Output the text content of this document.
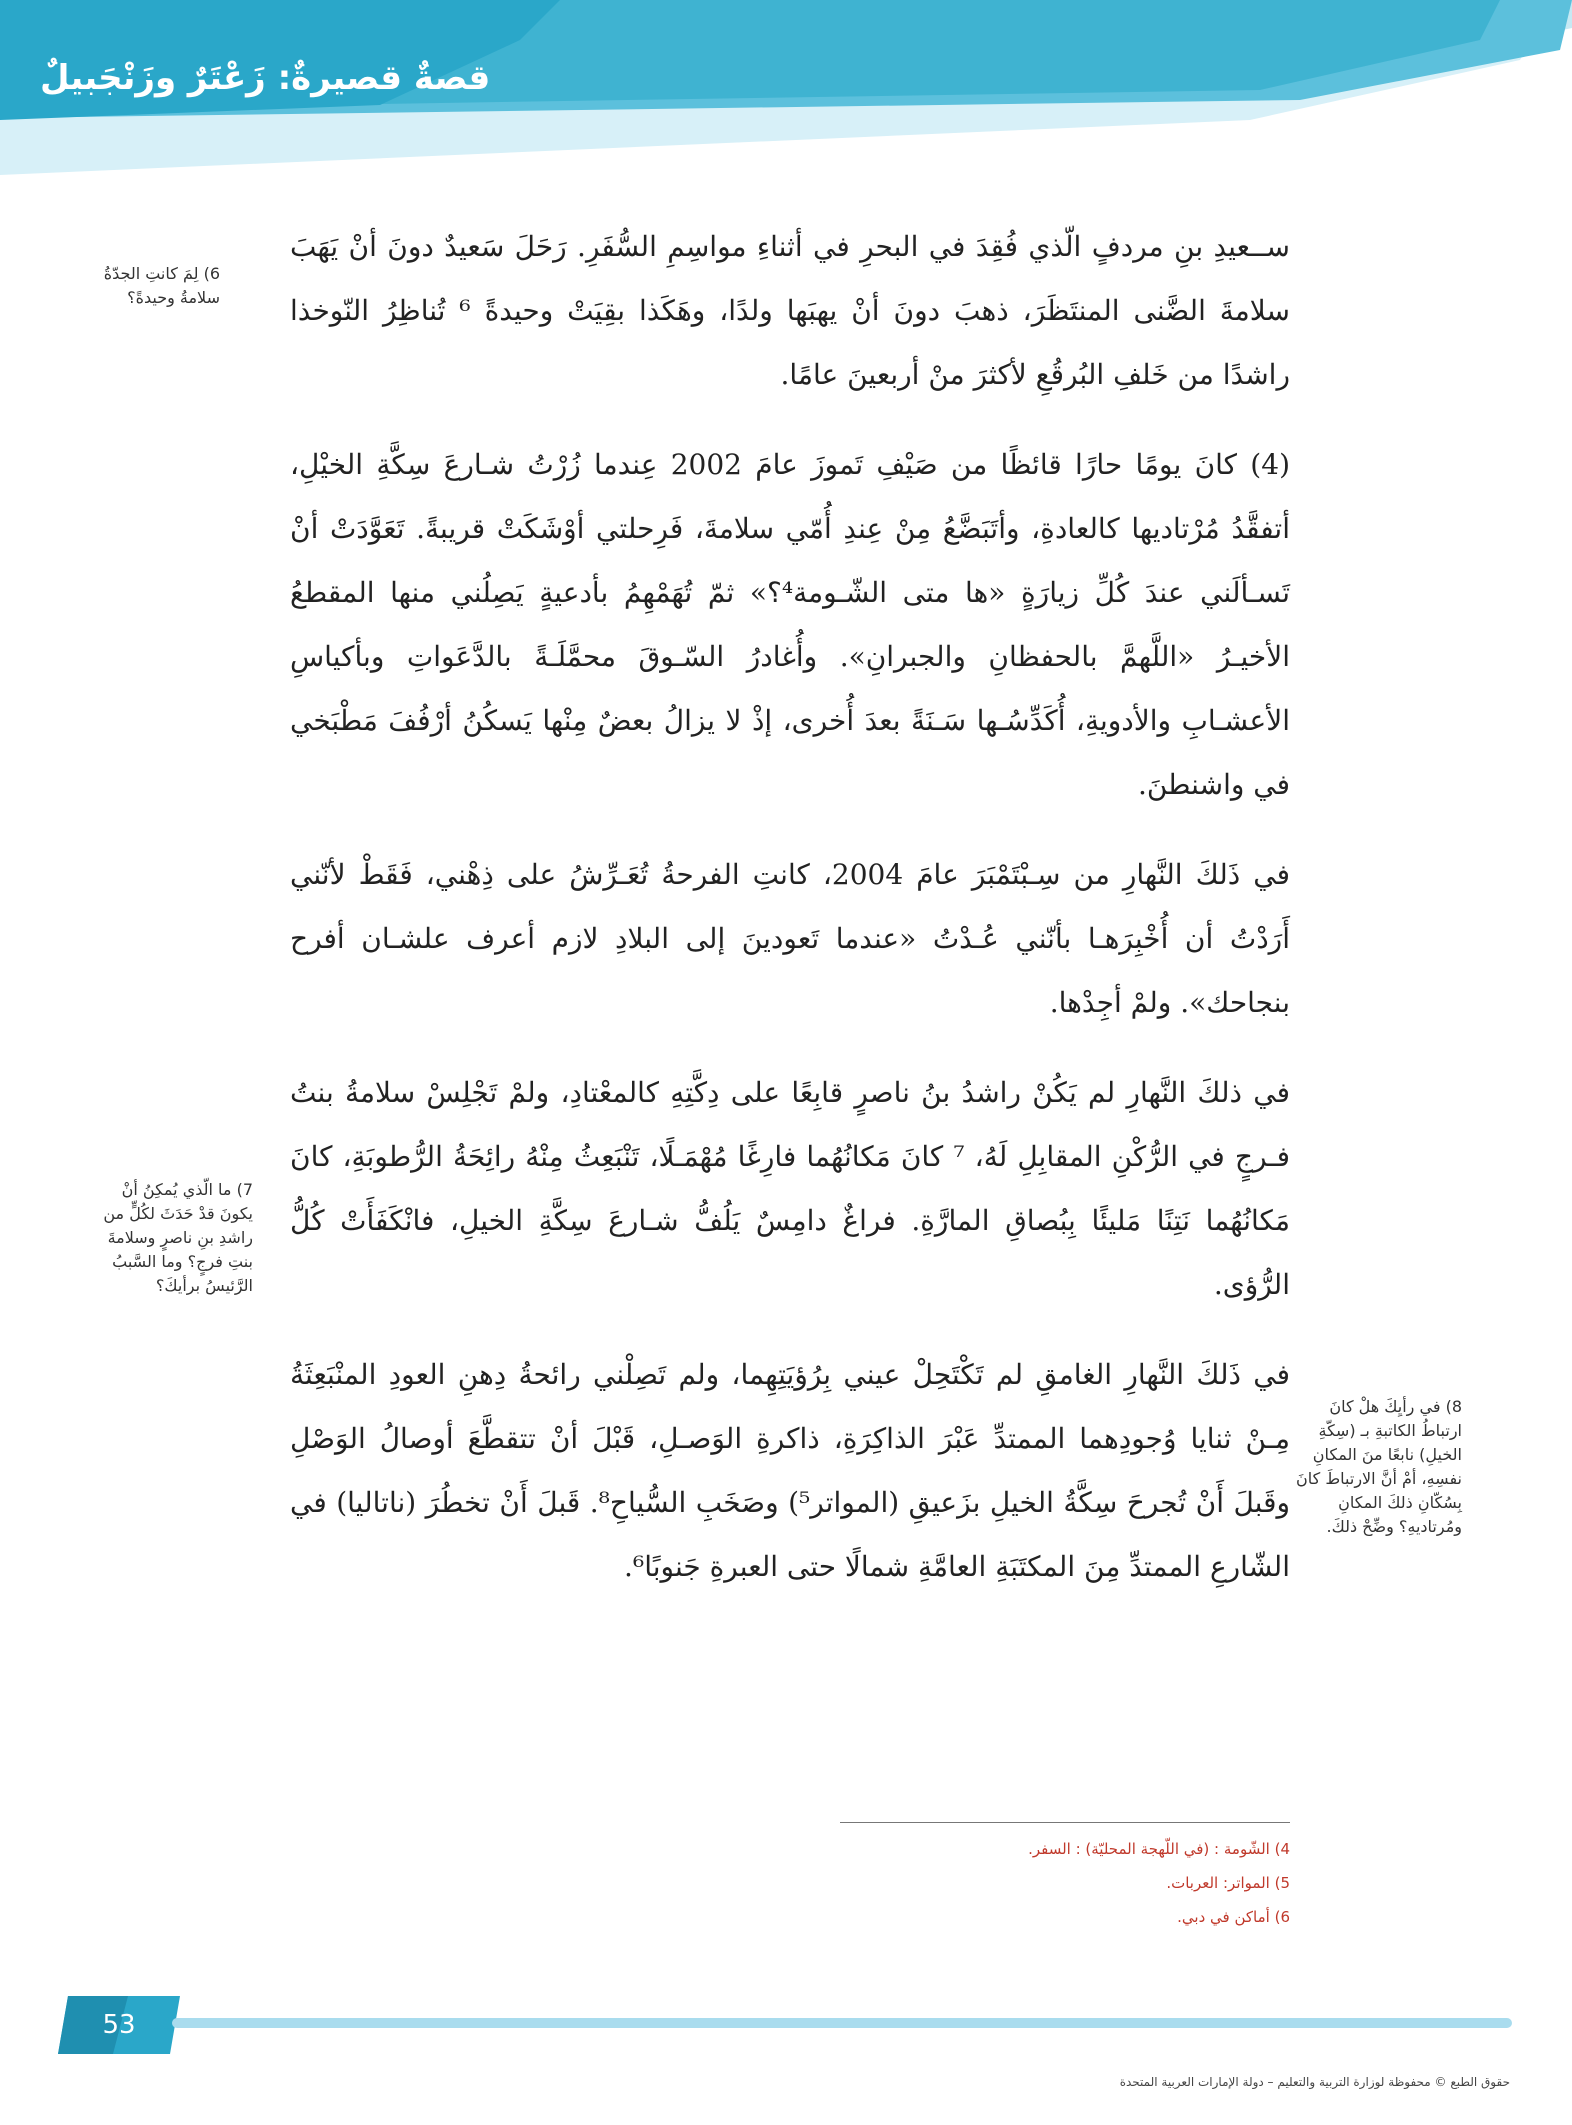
قصةٌ قصيرةٌ: زَعْتَرٌ وزَنْجَبيلٌ

ســعيدِ بنِ مردفٍ الّذي فُقِدَ في البحرِ في أثناءِ مواسِمِ السُّفَرِ. رَحَلَ سَعيدٌ دونَ أنْ يَهَبَ سلامةَ الضَّنى المنتَظَرَ، ذهبَ دونَ أنْ يهبَها ولدًا، وهَكَذا بقِيَتْ وحيدةً ⁶ تُناظِرُ النّوخذا راشدًا من خَلفِ البُرقُعِ لأكثرَ منْ أربعينَ عامًا.

(4) كانَ يومًا حارًا قائظًا من صَيْفِ تَموزَ عامَ 2002 عِندما زُرْتُ شـارعَ سِكَّةِ الخيْلِ، أتفقَّدُ مُرْتاديها كالعادةِ، وأتَبَضَّعُ مِنْ عِندِ أُمّي سلامةَ، فَرِحلتي أوْشَكَتْ قريبةً. تَعَوَّدَتْ أنْ تَسـألَني عندَ كُلِّ زيارَةٍ «ها متى الشّـومة⁴؟» ثمّ تُهَمْهِمُ بأدعيةٍ يَصِلُني منها المقطعُ الأخيـرُ «اللَّهمَّ بالحفظانِ والجبرانِ». وأُغادرُ السّـوقَ محمَّلَـةً بالدَّعَواتِ وبأكياسِ الأعشـابِ والأدويةِ، أُكَدِّسُـها سَـنَةً بعدَ أُخرى، إذْ لا يزالُ بعضٌ مِنْها يَسكُنُ أرْفُفَ مَطْبَخي في واشنطنَ.

في ذَلكَ النَّهارِ من سِـبْتَمْبَرَ عامَ 2004، كانتِ الفرحةُ تُعَـرِّشُ على ذِهْني، فَقَطْ لأنّني أَرَدْتُ أن أُخْبِرَهـا بأنّني عُـدْتُ «عندما تَعودينَ إلى البلادِ لازم أعرف علشـان أفرح بنجاحك». ولمْ أجِدْها.

في ذلكَ النَّهارِ لم يَكُنْ راشدُ بنُ ناصرٍ قابِعًا على دِكَّتِهِ كالمعْتادِ، ولمْ تَجْلِسْ سلامةُ بنتُ فـرجٍ في الرُّكْنِ المقابِلِ لَهُ، ⁷ كانَ مَكانُهُما فارِغًا مُهْمَـلًا، تَنْبَعِثُ مِنْهُ رائِحَةُ الرُّطوبَةِ، كانَ مَكانُهُما نَتِنًا مَليئًا بِبُصاقِ المارَّةِ. فراغٌ دامِسٌ يَلُفُّ شـارعَ سِكَّةِ الخيلِ، فانْكَفَأَتْ كُلُّ الرُّؤى.

في ذَلكَ النَّهارِ الغامقِ لم تَكْتَحِلْ عيني بِرُؤيَتِهِما، ولم تَصِلْني رائحةُ دِهنِ العودِ المنْبَعِثَةُ مِـنْ ثنايا وُجودِهما الممتدِّ عَبْرَ الذاكِرَةِ، ذاكرةِ الوَصـلِ، قَبْلَ أنْ تتقطَّعَ أوصالُ الوَصْلِ وقَبلَ أَنْ تُجرحَ سِكَّةُ الخيلِ بزَعيقِ (المواتر⁵) وصَخَبِ السُّياحِ⁸. قَبلَ أَنْ تخطُرَ (ناتاليا) في الشّارعِ الممتدِّ مِنَ المكتَبَةِ العامَّةِ شمالًا حتى العبرةِ جَنوبًا⁶.

6) لِمَ كانتِ الجدّةُ سلامةُ وحيدةً؟
7) ما الّذي يُمكِنُ أنْ يكونَ قدْ حَدَثَ لكُلٍّ من راشدِ بنِ ناصرٍ وسلامةَ بنتِ فرجٍ؟ وما السَّببُ الرَّئيسُ برأيكَ؟
8) في رأيِكَ هلْ كانَ ارتباطُ الكاتبةِ بـ (سِكّةِ الخيلِ) نابعًا منَ المكانِ نفسِهِ، أمْ أنَّ الارتباطَ كانَ بِسُكّانِ ذلكَ المكانِ ومُرتاديهِ؟ وضِّحْ ذلكَ.
4) الشّومة : (في اللّهجة المحليّة) : السفر.
5) المواتر: العربات.
6) أماكن في دبي.
53
حقوق الطبع © محفوظة لوزارة التربية والتعليم – دولة الإمارات العربية المتحدة
